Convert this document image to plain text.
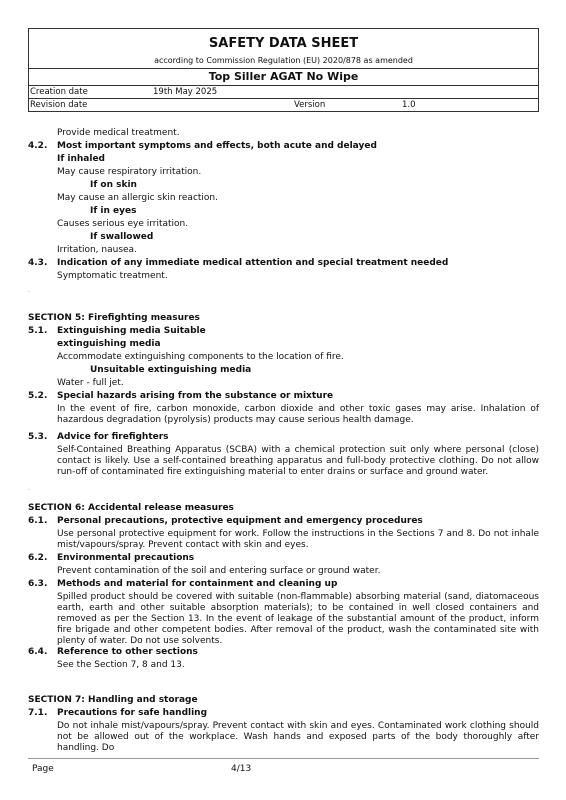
SAFETY DATA SHEET
according to Commission Regulation (EU) 2020/878 as amended
Top Siller AGAT No Wipe
Creation date	19th May 2025
Revision date	Version	1.0
Provide medical treatment.
4.2. Most important symptoms and effects, both acute and delayed
If inhaled
May cause respiratory irritation.
If on skin
May cause an allergic skin reaction.
If in eyes
Causes serious eye irritation.
If swallowed
Irritation, nausea.
4.3. Indication of any immediate medical attention and special treatment needed
Symptomatic treatment.
·
SECTION 5: Firefighting measures
5.1. Extinguishing media Suitable
extinguishing media
Accommodate extinguishing components to the location of fire.
Unsuitable extinguishing media
Water - full jet.
5.2. Special hazards arising from the substance or mixture
In the event of fire, carbon monoxide, carbon dioxide and other toxic gases may arise. Inhalation of hazardous degradation (pyrolysis) products may cause serious health damage.
5.3. Advice for firefighters
Self-Contained Breathing Apparatus (SCBA) with a chemical protection suit only where personal (close) contact is likely. Use a self-contained breathing apparatus and full-body protective clothing. Do not allow run-off of contaminated fire extinguishing material to enter drains or surface and ground water.
·
SECTION 6: Accidental release measures
6.1. Personal precautions, protective equipment and emergency procedures
Use personal protective equipment for work. Follow the instructions in the Sections 7 and 8. Do not inhale mist/vapours/spray. Prevent contact with skin and eyes.
6.2. Environmental precautions
Prevent contamination of the soil and entering surface or ground water.
6.3. Methods and material for containment and cleaning up
Spilled product should be covered with suitable (non-flammable) absorbing material (sand, diatomaceous earth, earth and other suitable absorption materials); to be contained in well closed containers and removed as per the Section 13. In the event of leakage of the substantial amount of the product, inform fire brigade and other competent bodies. After removal of the product, wash the contaminated site with plenty of water. Do not use solvents.
6.4. Reference to other sections
See the Section 7, 8 and 13.
SECTION 7: Handling and storage
7.1. Precautions for safe handling
Do not inhale mist/vapours/spray. Prevent contact with skin and eyes. Contaminated work clothing should not be allowed out of the workplace. Wash hands and exposed parts of the body thoroughly after handling. Do
Page	4/13
